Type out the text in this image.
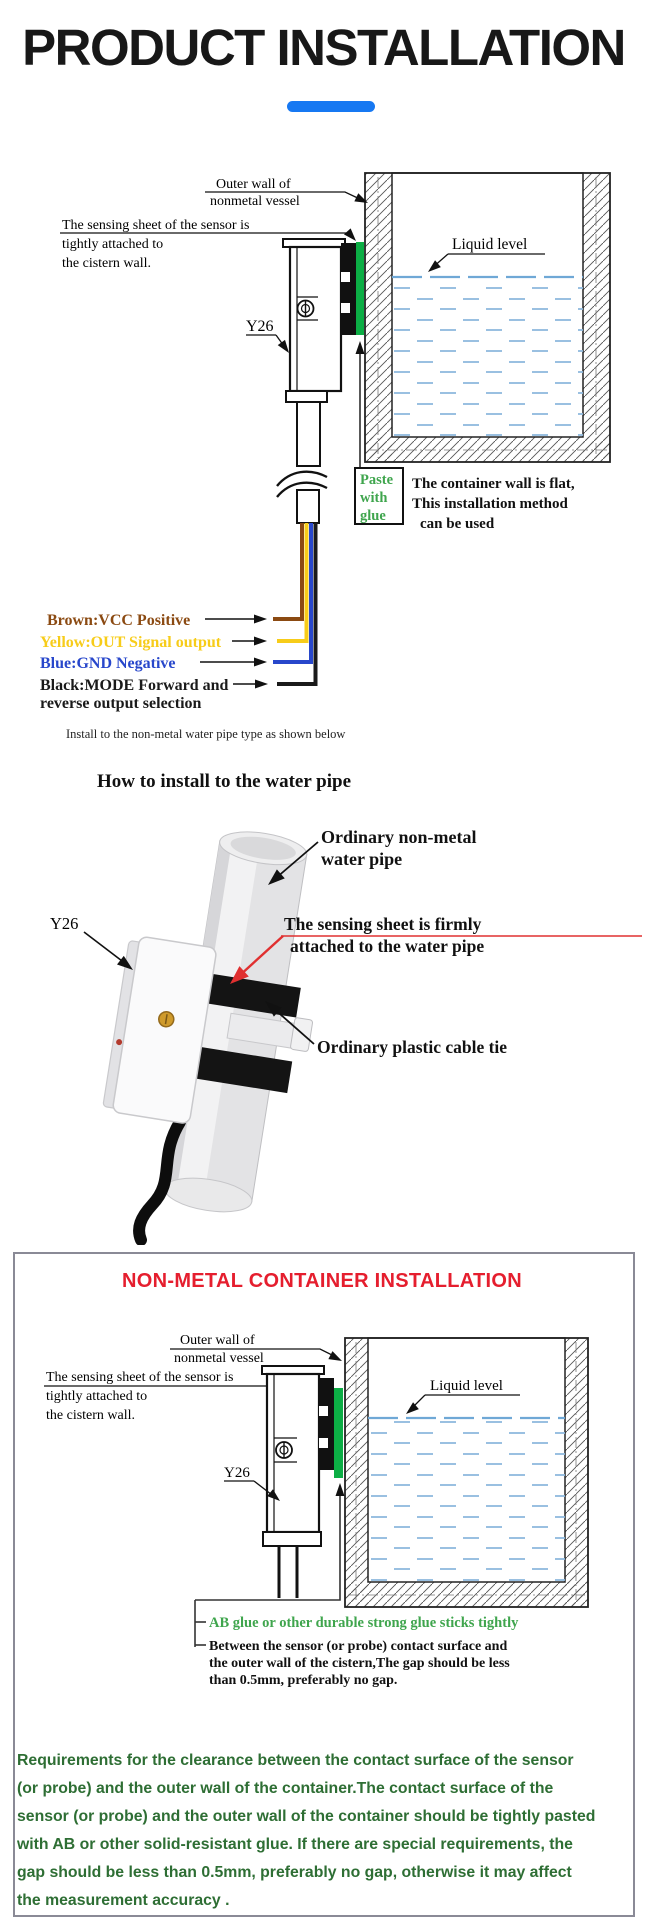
PRODUCT INSTALLATION
Liquid level
Outer wall of
nonmetal vessel
The sensing sheet of the sensor is
tightly attached to
the cistern wall.
Y26
Brown:VCC Positive
Yellow:OUT Signal output
Blue:GND Negative
Black:MODE Forward and
reverse output selection
Paste
with
glue
The container wall is flat,
This installation method
can be used
Install to the non-metal water pipe type as shown below
How to install to the water pipe
Ordinary non-metal
water pipe
Y26	The sensing sheet is firmly
attached to the water pipe
Ordinary plastic cable tie
NON-METAL CONTAINER INSTALLATION
Liquid level
Outer wall of
nonmetal vessel
The sensing sheet of the sensor is
tightly attached to
the cistern wall.
Y26
AB glue or other durable strong glue sticks tightly
Between the sensor (or probe) contact surface and
the outer wall of the cistern,The gap should be less
than 0.5mm, preferably no gap.
Requirements for the clearance between the contact surface of the sensor
(or probe) and the outer wall of the container.The contact surface of the
sensor (or probe) and the outer wall of the container should be tightly pasted
with AB or other solid-resistant glue. If there are special requirements, the
gap should be less than 0.5mm, preferably no gap, otherwise it may affect
the measurement accuracy .
